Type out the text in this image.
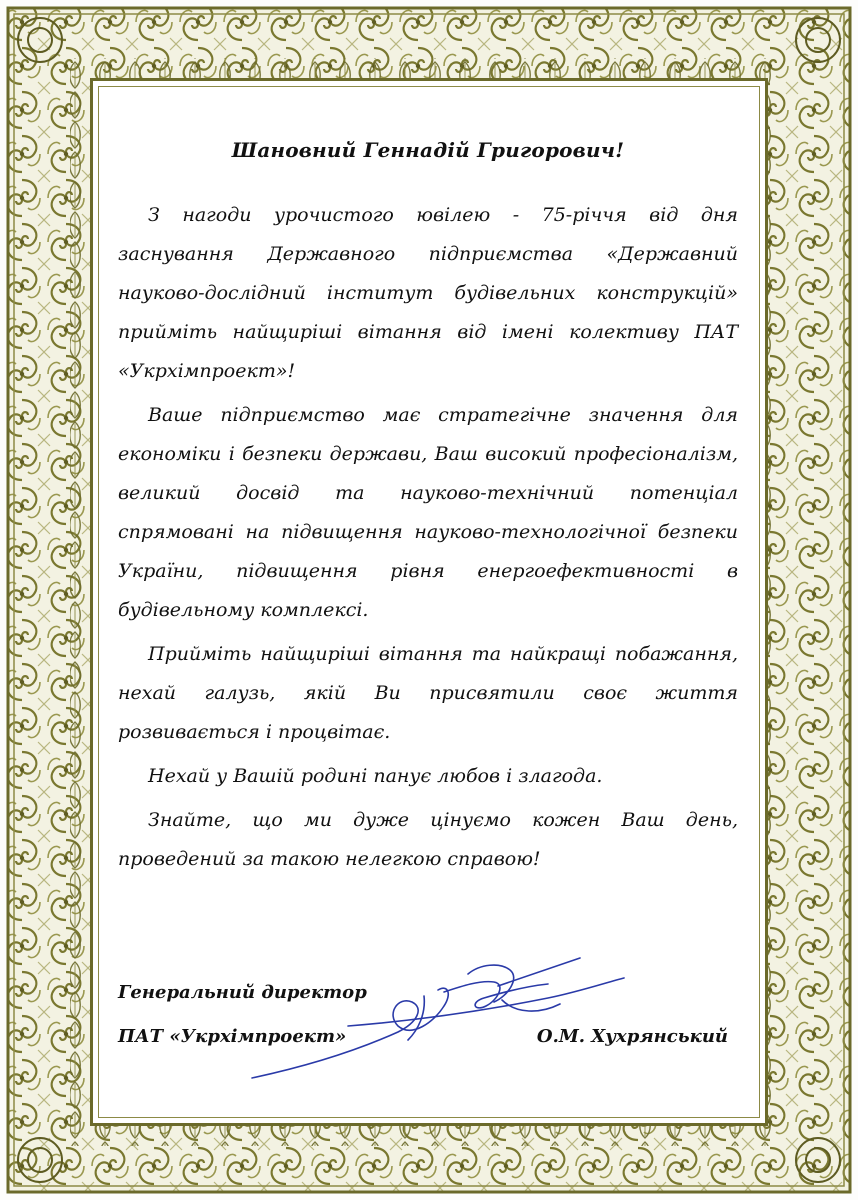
Шановний Геннадій Григорович!

З нагоди урочистого ювілею - 75-річчя від дня заснування Державного підприємства «Державний науково-дослідний інститут будівельних конструкцій» прийміть найщиріші вітання від імені колективу ПАТ «Укрхімпроект»!

Ваше підприємство має стратегічне значення для економіки і безпеки держави, Ваш високий професіоналізм, великий досвід та науково-технічний потенціал спрямовані на підвищення науково-технологічної безпеки України, підвищення рівня енергоефективності в будівельному комплексі.

Прийміть найщиріші вітання та найкращі побажання, нехай галузь, якій Ви присвятили своє життя розвивається і процвітає.

Нехай у Вашій родині панує любов і злагода.

Знайте, що ми дуже цінуємо кожен Ваш день, проведений за такою нелегкою справою!

Генеральний директор
ПАТ «Укрхімпроект»	О.М. Хухрянський
